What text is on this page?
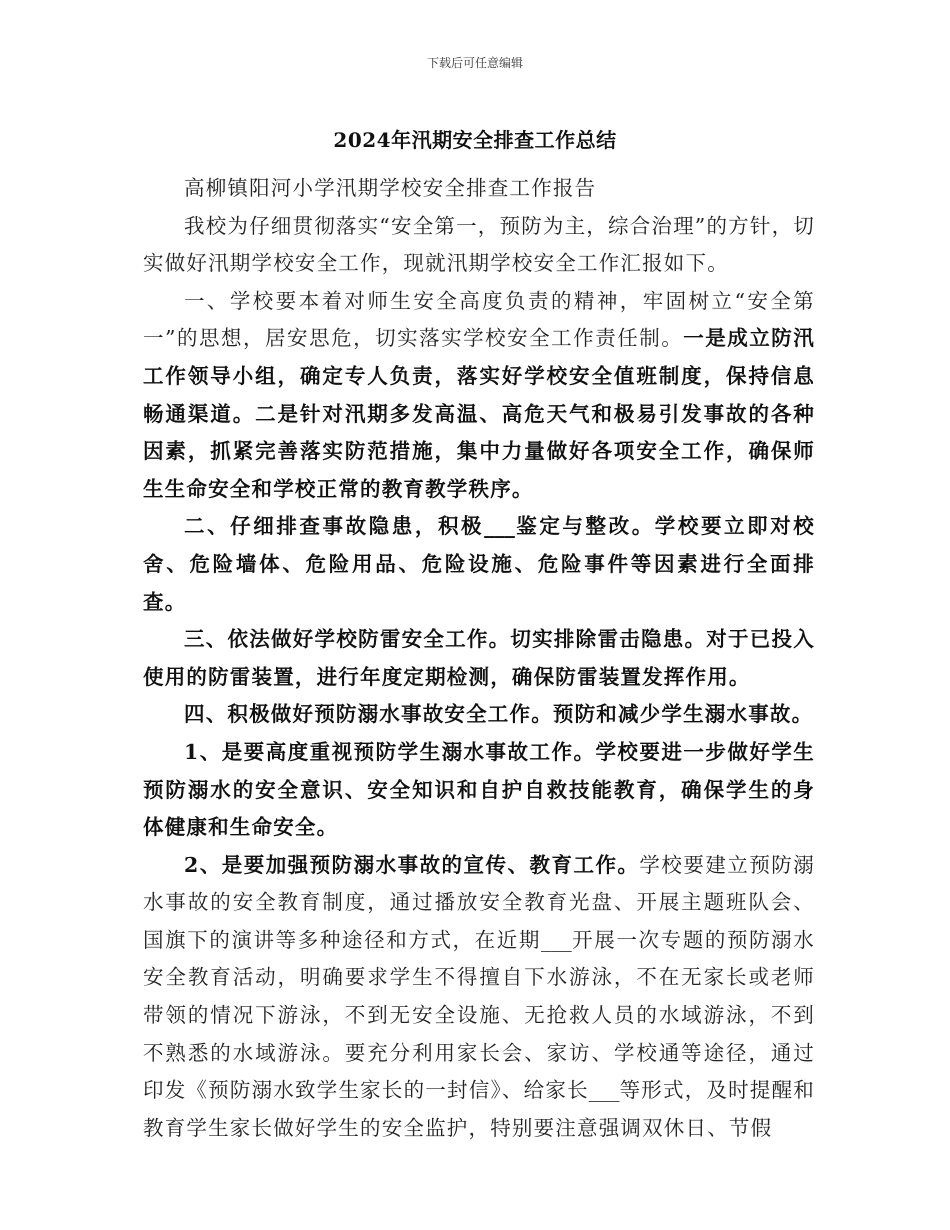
下载后可任意编辑
2024年汛期安全排查工作总结

高柳镇阳河小学汛期学校安全排查工作报告

我校为仔细贯彻落实“安全第一，预防为主，综合治理”的方针，切实做好汛期学校安全工作，现就汛期学校安全工作汇报如下。

一、学校要本着对师生安全高度负责的精神，牢固树立“安全第一”的思想，居安思危，切实落实学校安全工作责任制。一是成立防汛工作领导小组，确定专人负责，落实好学校安全值班制度，保持信息畅通渠道。二是针对汛期多发高温、高危天气和极易引发事故的各种因素，抓紧完善落实防范措施，集中力量做好各项安全工作，确保师生生命安全和学校正常的教育教学秩序。

二、仔细排查事故隐患，积极___鉴定与整改。学校要立即对校舍、危险墙体、危险用品、危险设施、危险事件等因素进行全面排查。

三、依法做好学校防雷安全工作。切实排除雷击隐患。对于已投入使用的防雷装置，进行年度定期检测，确保防雷装置发挥作用。

四、积极做好预防溺水事故安全工作。预防和减少学生溺水事故。

1、是要高度重视预防学生溺水事故工作。学校要进一步做好学生预防溺水的安全意识、安全知识和自护自救技能教育，确保学生的身体健康和生命安全。

2、是要加强预防溺水事故的宣传、教育工作。学校要建立预防溺水事故的安全教育制度，通过播放安全教育光盘、开展主题班队会、国旗下的演讲等多种途径和方式，在近期___开展一次专题的预防溺水安全教育活动，明确要求学生不得擅自下水游泳，不在无家长或老师带领的情况下游泳，不到无安全设施、无抢救人员的水域游泳，不到不熟悉的水域游泳。要充分利用家长会、家访、学校通等途径，通过印发《预防溺水致学生家长的一封信》、给家长___等形式，及时提醒和教育学生家长做好学生的安全监护，特别要注意强调双休日、节假
